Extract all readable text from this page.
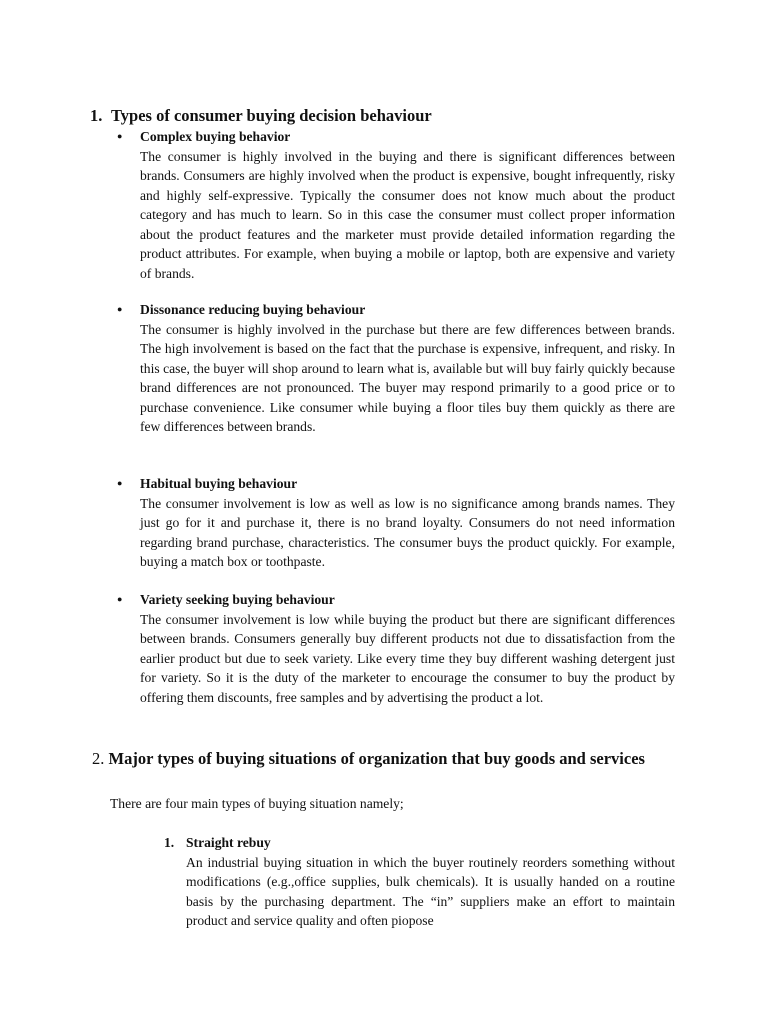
1. Types of consumer buying decision behaviour
● Complex buying behavior
The consumer is highly involved in the buying and there is significant differences between brands. Consumers are highly involved when the product is expensive, bought infrequently, risky and highly self-expressive. Typically the consumer does not know much about the product category and has much to learn. So in this case the consumer must collect proper information about the product features and the marketer must provide detailed information regarding the product attributes. For example, when buying a mobile or laptop, both are expensive and variety of brands.
● Dissonance reducing buying behaviour
The consumer is highly involved in the purchase but there are few differences between brands. The high involvement is based on the fact that the purchase is expensive, infrequent, and risky. In this case, the buyer will shop around to learn what is, available but will buy fairly quickly because brand differences are not pronounced. The buyer may respond primarily to a good price or to purchase convenience. Like consumer while buying a floor tiles buy them quickly as there are few differences between brands.
● Habitual buying behaviour
The consumer involvement is low as well as low is no significance among brands names. They just go for it and purchase it, there is no brand loyalty. Consumers do not need information regarding brand purchase, characteristics. The consumer buys the product quickly. For example, buying a match box or toothpaste.
● Variety seeking buying behaviour
The consumer involvement is low while buying the product but there are significant differences between brands. Consumers generally buy different products not due to dissatisfaction from the earlier product but due to seek variety. Like every time they buy different washing detergent just for variety. So it is the duty of the marketer to encourage the consumer to buy the product by offering them discounts, free samples and by advertising the product a lot.
2. Major types of buying situations of organization that buy goods and services
There are four main types of buying situation namely;
1. Straight rebuy
An industrial buying situation in which the buyer routinely reorders something without modifications (e.g.,office supplies, bulk chemicals). It is usually handed on a routine basis by the purchasing department. The “in” suppliers make an effort to maintain product and service quality and often piopose
